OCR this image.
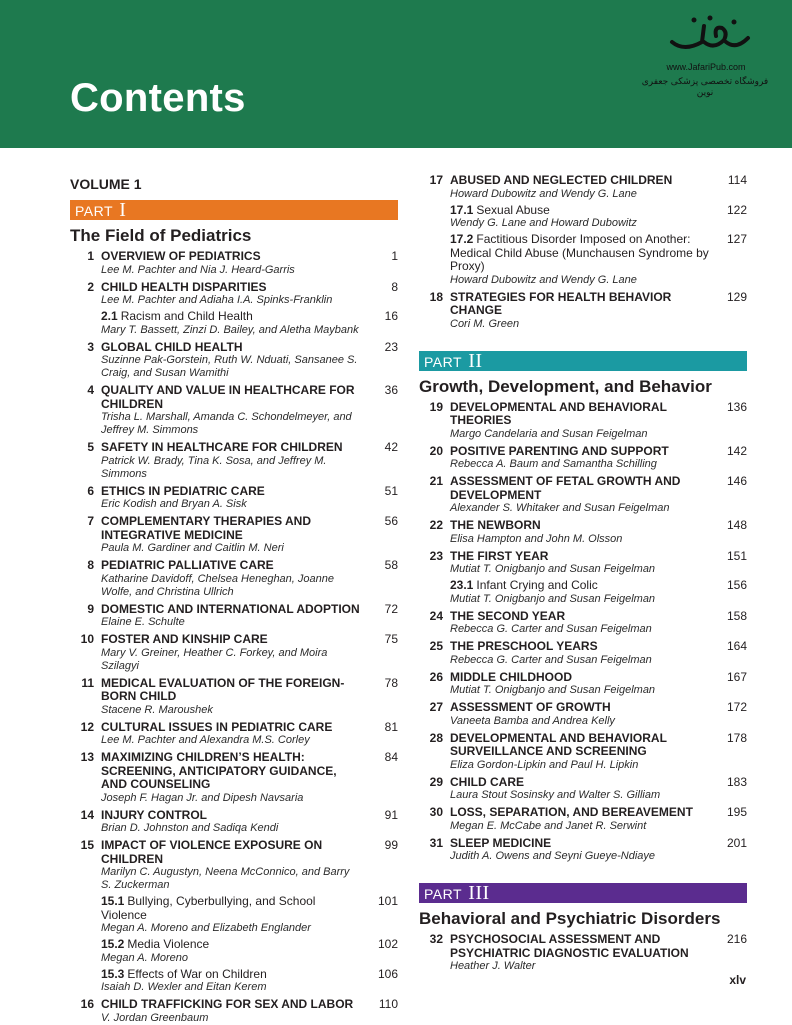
Contents
www.JafariPub.com
فروشگاه تخصصی پزشکی جعفری نوین
VOLUME 1
PART I
The Field of Pediatrics
1	1
OVERVIEW OF PEDIATRICS
Lee M. Pachter and Nia J. Heard-Garris
2	8
CHILD HEALTH DISPARITIES
Lee M. Pachter and Adiaha I.A. Spinks-Franklin
16
2.1 Racism and Child Health
Mary T. Bassett, Zinzi D. Bailey, and Aletha Maybank
3	23
GLOBAL CHILD HEALTH
Suzinne Pak-Gorstein, Ruth W. Nduati, Sansanee S. Craig, and Susan Wamithi
4	36
QUALITY AND VALUE IN HEALTHCARE FOR CHILDREN
Trisha L. Marshall, Amanda C. Schondelmeyer, and Jeffrey M. Simmons
5	42
SAFETY IN HEALTHCARE FOR CHILDREN
Patrick W. Brady, Tina K. Sosa, and Jeffrey M. Simmons
6	51
ETHICS IN PEDIATRIC CARE
Eric Kodish and Bryan A. Sisk
7	56
COMPLEMENTARY THERAPIES AND INTEGRATIVE MEDICINE
Paula M. Gardiner and Caitlin M. Neri
8	58
PEDIATRIC PALLIATIVE CARE
Katharine Davidoff, Chelsea Heneghan, Joanne Wolfe, and Christina Ullrich
9	72
DOMESTIC AND INTERNATIONAL ADOPTION
Elaine E. Schulte
10	75
FOSTER AND KINSHIP CARE
Mary V. Greiner, Heather C. Forkey, and Moira Szilagyi
11	78
MEDICAL EVALUATION OF THE FOREIGN-BORN CHILD
Stacene R. Maroushek
12	81
CULTURAL ISSUES IN PEDIATRIC CARE
Lee M. Pachter and Alexandra M.S. Corley
13	84
MAXIMIZING CHILDREN’S HEALTH: SCREENING, ANTICIPATORY GUIDANCE, AND COUNSELING
Joseph F. Hagan Jr. and Dipesh Navsaria
14	91
INJURY CONTROL
Brian D. Johnston and Sadiqa Kendi
15	99
IMPACT OF VIOLENCE EXPOSURE ON CHILDREN
Marilyn C. Augustyn, Neena McConnico, and Barry S. Zuckerman
101
15.1 Bullying, Cyberbullying, and School Violence
Megan A. Moreno and Elizabeth Englander
102
15.2 Media Violence
Megan A. Moreno
106
15.3 Effects of War on Children
Isaiah D. Wexler and Eitan Kerem
16	110
CHILD TRAFFICKING FOR SEX AND LABOR
V. Jordan Greenbaum
17	114
ABUSED AND NEGLECTED CHILDREN
Howard Dubowitz and Wendy G. Lane
122
17.1 Sexual Abuse
Wendy G. Lane and Howard Dubowitz
127
17.2 Factitious Disorder Imposed on Another: Medical Child Abuse (Munchausen Syndrome by Proxy)
Howard Dubowitz and Wendy G. Lane
18	129
STRATEGIES FOR HEALTH BEHAVIOR CHANGE
Cori M. Green
PART II
Growth, Development, and Behavior
19	136
DEVELOPMENTAL AND BEHAVIORAL THEORIES
Margo Candelaria and Susan Feigelman
20	142
POSITIVE PARENTING AND SUPPORT
Rebecca A. Baum and Samantha Schilling
21	146
ASSESSMENT OF FETAL GROWTH AND DEVELOPMENT
Alexander S. Whitaker and Susan Feigelman
22	148
THE NEWBORN
Elisa Hampton and John M. Olsson
23	151
THE FIRST YEAR
Mutiat T. Onigbanjo and Susan Feigelman
156
23.1 Infant Crying and Colic
Mutiat T. Onigbanjo and Susan Feigelman
24	158
THE SECOND YEAR
Rebecca G. Carter and Susan Feigelman
25	164
THE PRESCHOOL YEARS
Rebecca G. Carter and Susan Feigelman
26	167
MIDDLE CHILDHOOD
Mutiat T. Onigbanjo and Susan Feigelman
27	172
ASSESSMENT OF GROWTH
Vaneeta Bamba and Andrea Kelly
28	178
DEVELOPMENTAL AND BEHAVIORAL SURVEILLANCE AND SCREENING
Eliza Gordon-Lipkin and Paul H. Lipkin
29	183
CHILD CARE
Laura Stout Sosinsky and Walter S. Gilliam
30	195
LOSS, SEPARATION, AND BEREAVEMENT
Megan E. McCabe and Janet R. Serwint
31	201
SLEEP MEDICINE
Judith A. Owens and Seyni Gueye-Ndiaye
PART III
Behavioral and Psychiatric Disorders
32	216
PSYCHOSOCIAL ASSESSMENT AND PSYCHIATRIC DIAGNOSTIC EVALUATION
Heather J. Walter
xlv
